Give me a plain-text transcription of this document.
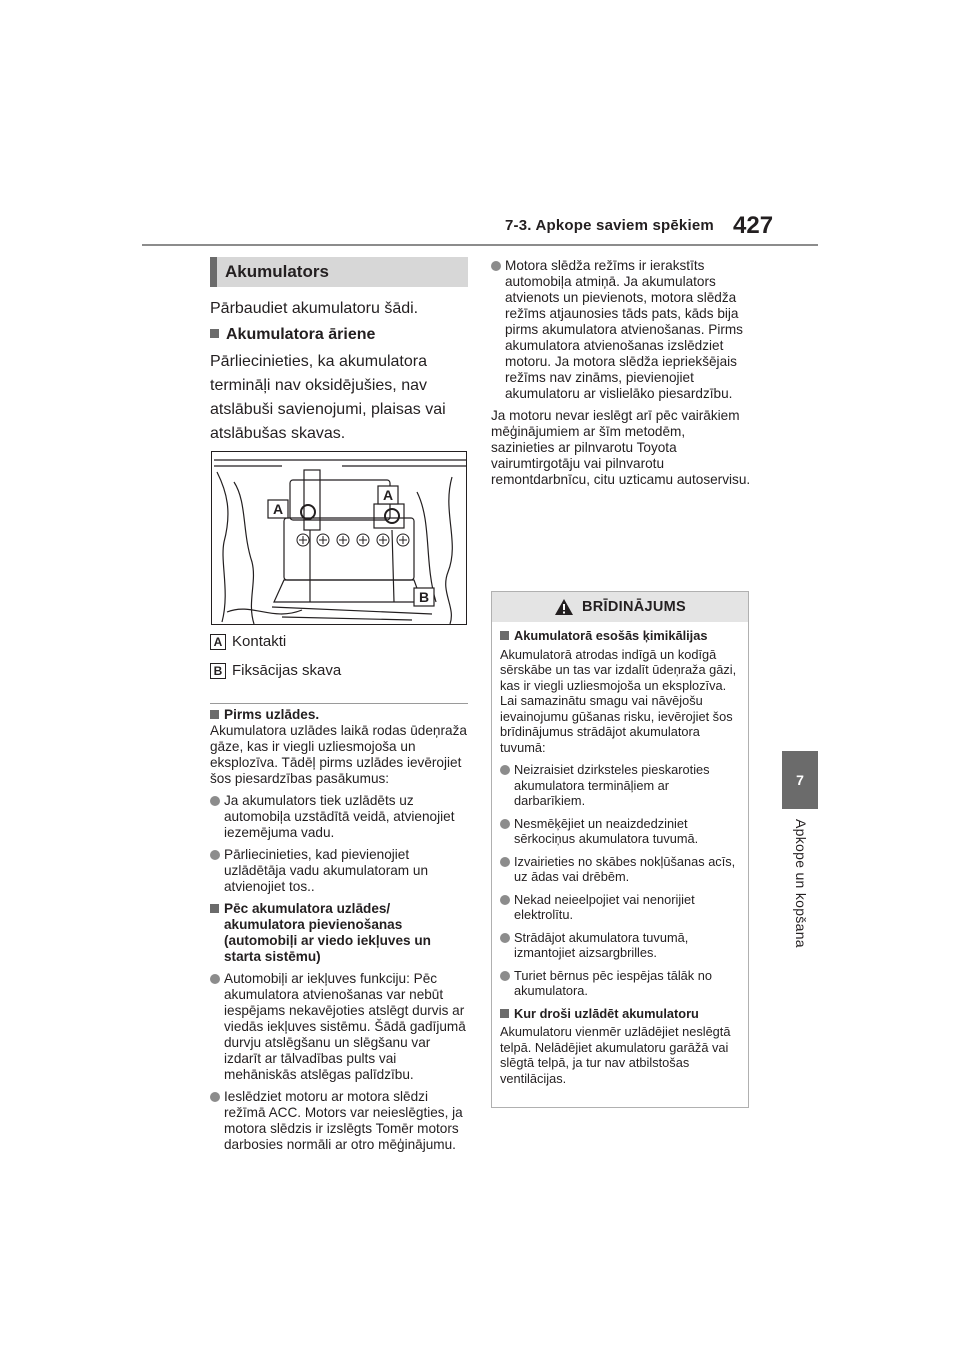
7-3. Apkope saviem spēkiem 427
7
Apkope un kopšana
Akumulators
Pārbaudiet akumulatoru šādi.
Akumulatora āriene
Pārliecinieties, ka akumulatora termināļi nav oksidējušies, nav atslābuši savienojumi, plaisas vai atslābušas skavas.
A
A
B
A Kontakti
B Fiksācijas skava
Pirms uzlādes.
Akumulatora uzlādes laikā rodas ūdeņraža gāze, kas ir viegli uzliesmojoša un eksplozīva. Tādēļ pirms uzlādes ievērojiet šos piesardzības pasākumus:
Ja akumulators tiek uzlādēts uz automobiļa uzstādītā veidā, atvienojiet iezemējuma vadu.
Pārliecinieties, kad pievienojiet uzlādētāja vadu akumulatoram un atvienojiet tos..
Pēc akumulatora uzlādes/ akumulatora pievienošanas (automobiļi ar viedo iekļuves un starta sistēmu)
Automobiļi ar iekļuves funkciju: Pēc akumulatora atvienošanas var nebūt iespējams nekavējoties atslēgt durvis ar viedās iekļuves sistēmu. Šādā gadījumā durvju atslēgšanu un slēgšanu var izdarīt ar tālvadības pults vai mehāniskās atslēgas palīdzību.
Ieslēdziet motoru ar motora slēdzi režīmā ACC. Motors var neieslēgties, ja motora slēdzis ir izslēgts Tomēr motors darbosies normāli ar otro mēģinājumu.
Motora slēdža režīms ir ierakstīts automobiļa atmiņā. Ja akumulators atvienots un pievienots, motora slēdža režīms atjaunosies tāds pats, kāds bija pirms akumulatora atvienošanas. Pirms akumulatora atvienošanas izslēdziet motoru. Ja motora slēdža iepriekšējais režīms nav zināms, pievienojiet akumulatoru ar vislielāko piesardzību.
Ja motoru nevar ieslēgt arī pēc vairākiem mēģinājumiem ar šīm metodēm, sazinieties ar pilnvarotu Toyota vairumtirgotāju vai pilnvarotu remontdarbnīcu, citu uzticamu autoservisu.
BRĪDINĀJUMS
Akumulatorā esošās ķimikālijas
Akumulatorā atrodas indīgā un kodīgā sērskābe un tas var izdalīt ūdeņraža gāzi, kas ir viegli uzliesmojoša un eksplozīva. Lai samazinātu smagu vai nāvējošu ievainojumu gūšanas risku, ievērojiet šos brīdinājumus strādājot akumulatora tuvumā:
Neizraisiet dzirksteles pieskaroties akumulatora termināļiem ar darbarīkiem.
Nesmēķējiet un neaizdedziniet sērkociņus akumulatora tuvumā.
Izvairieties no skābes nokļūšanas acīs, uz ādas vai drēbēm.
Nekad neieelpojiet vai nenorijiet elektrolītu.
Strādājot akumulatora tuvumā, izmantojiet aizsargbrilles.
Turiet bērnus pēc iespējas tālāk no akumulatora.
Kur droši uzlādēt akumulatoru
Akumulatoru vienmēr uzlādējiet neslēgtā telpā. Nelādējiet akumulatoru garāžā vai slēgtā telpā, ja tur nav atbilstošas ventilācijas.
